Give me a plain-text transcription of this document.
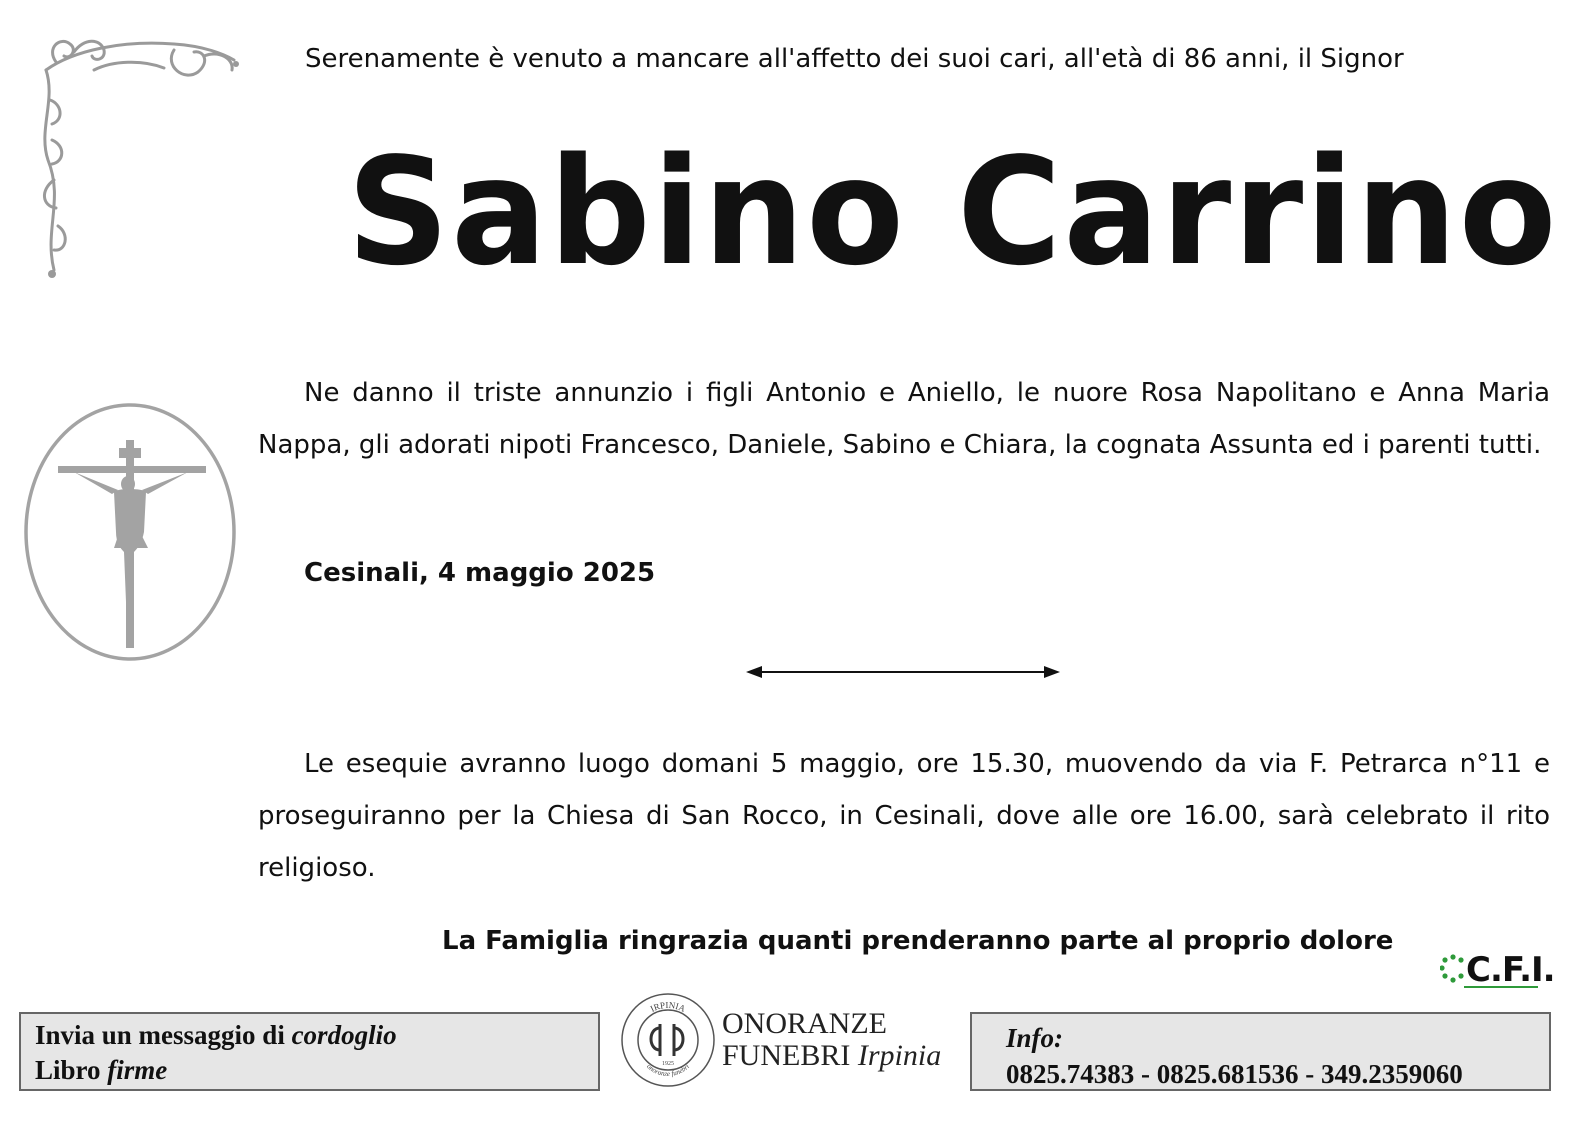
Serenamente è venuto a mancare all'affetto dei suoi cari, all'età di 86 anni, il Signor
Sabino Carrino
Ne danno il triste annunzio i figli Antonio e Aniello, le nuore Rosa Napolitano e Anna Maria Nappa, gli adorati nipoti Francesco, Daniele, Sabino e Chiara, la cognata Assunta ed i parenti tutti.
Cesinali, 4 maggio 2025
Le esequie avranno luogo domani 5 maggio, ore 15.30, muovendo da via F. Petrarca n°11 e proseguiranno per la Chiesa di San Rocco, in Cesinali, dove alle ore 16.00, sarà celebrato il rito religioso.
La Famiglia ringrazia quanti prenderanno parte al proprio dolore
C.F.I.
Invia un messaggio di cordoglio
Libro firme
IRPINIA
onoranze funebri
1925
ONORANZE
FUNEBRI Irpinia
Info:
0825.74383 - 0825.681536 - 349.2359060
